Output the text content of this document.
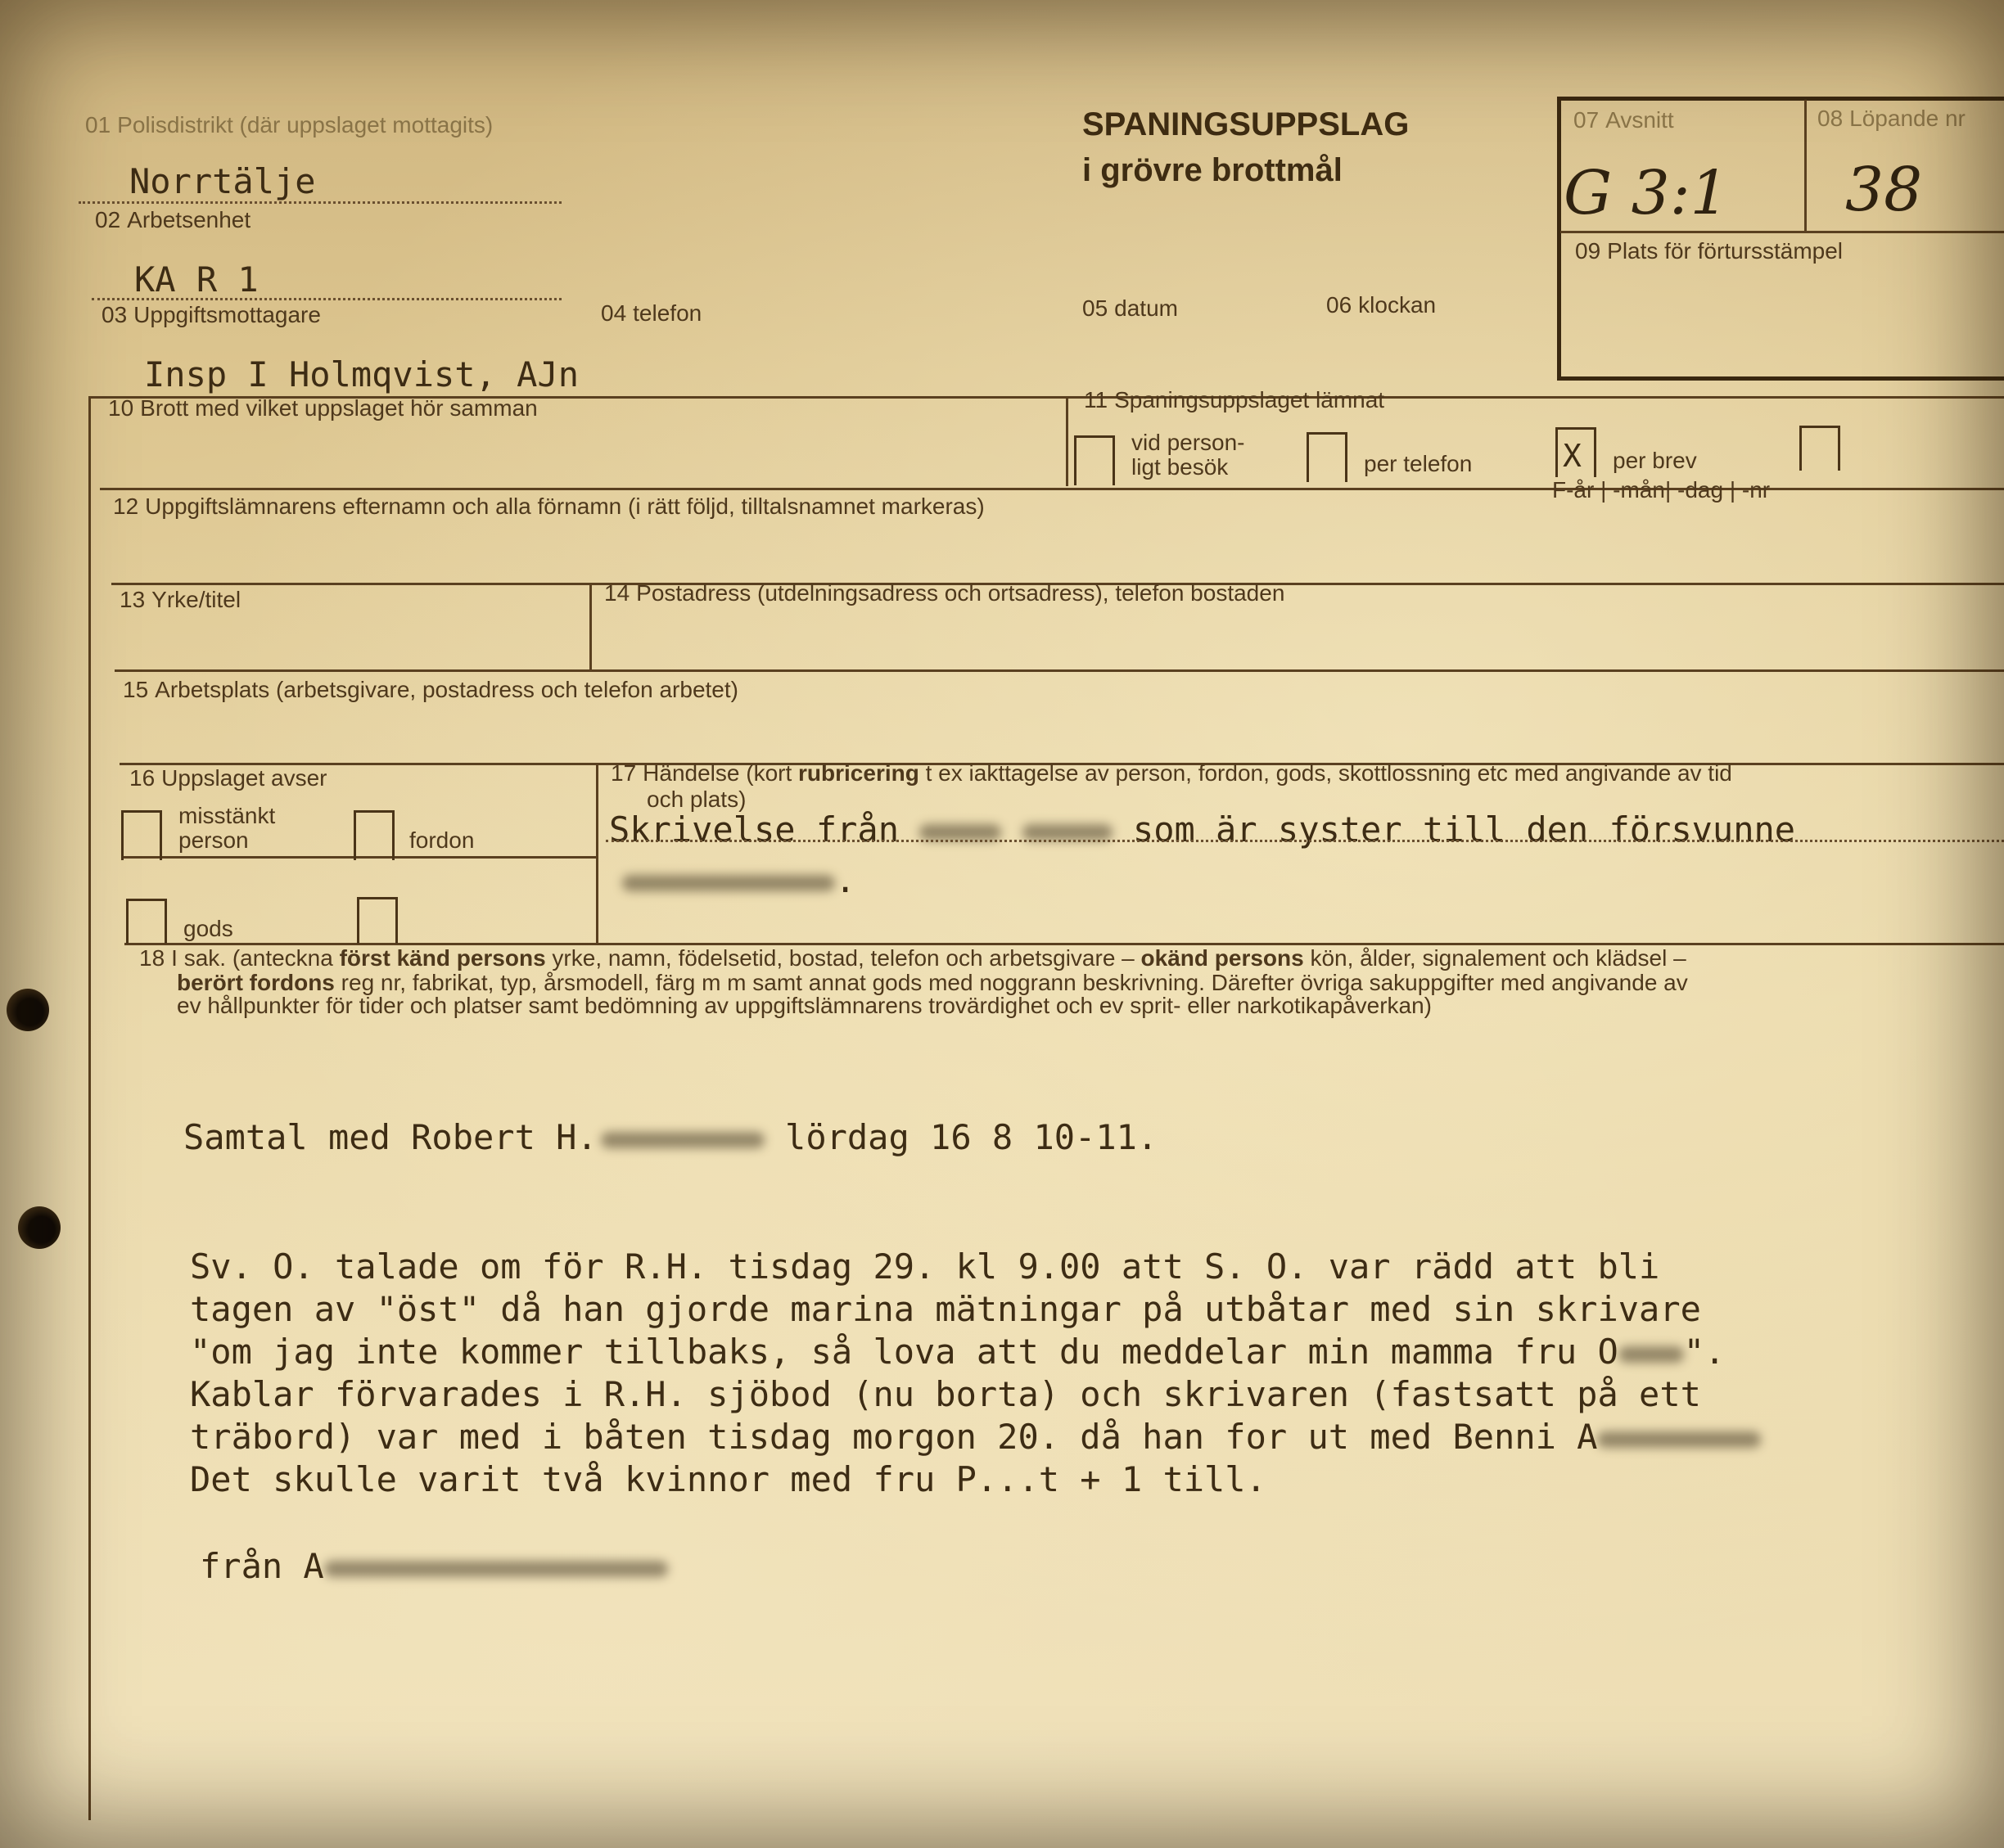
01 Polisdistrikt (där uppslaget mottagits)
Norrtälje
02 Arbetsenhet
KA R 1
03 Uppgiftsmottagare
Insp I Holmqvist, AJn
04 telefon
SPANINGSUPPSLAG
i grövre brottmål
05 datum	06 klockan
07 Avsnitt
G 3:1
08 Löpande nr
38
09 Plats för förtursstämpel
10 Brott med vilket uppslaget hör samman	11 Spaningsuppslaget lämnat
vid person-
ligt besök	per telefon	X per brev
F-år | -mån| -dag | -nr
12 Uppgiftslämnarens efternamn och alla förnamn (i rätt följd, tilltalsnamnet markeras)
13 Yrke/titel	14 Postadress (utdelningsadress och ortsadress), telefon bostaden
15 Arbetsplats (arbetsgivare, postadress och telefon arbetet)
16 Uppslaget avser
misstänkt
person	fordon
gods
17 Händelse (kort rubricering t ex iakttagelse av person, fordon, gods, skottlossning etc med angivande av tid
och plats)
Skrivelse från	som är syster till den försvunne
.
18 I sak. (anteckna först känd persons yrke, namn, födelsetid, bostad, telefon och arbetsgivare – okänd persons kön, ålder, signalement och klädsel –
berört fordons reg nr, fabrikat, typ, årsmodell, färg m m samt annat gods med noggrann beskrivning. Därefter övriga sakuppgifter med angivande av
ev hållpunkter för tider och platser samt bedömning av uppgiftslämnarens trovärdighet och ev sprit- eller narkotikapåverkan)
Samtal med Robert H.	lördag 16 8 10-11.
Sv. O. talade om för R.H. tisdag 29. kl 9.00 att S. O. var rädd att bli
tagen av "öst" då han gjorde marina mätningar på utbåtar med sin skrivare
"om jag inte kommer tillbaks, så lova att du meddelar min mamma fru O ".
Kablar förvarades i R.H. sjöbod (nu borta) och skrivaren (fastsatt på ett
träbord) var med i båten tisdag morgon 20. då han for ut med Benni A
Det skulle varit två kvinnor med fru P...t + 1 till.
från A
